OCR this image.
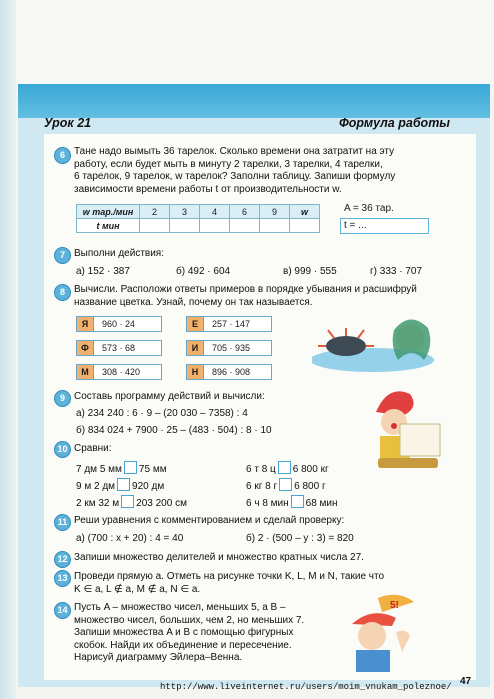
Урок 21	Формула работы
6 Тане надо вымыть 36 тарелок. Сколько времени она затратит на эту
работу, если будет мыть в минуту 2 тарелки, 3 тарелки, 4 тарелки,
6 тарелок, 9 тарелок, w тарелок? Заполни таблицу. Запиши формулу
зависимости времени работы t от производительности w.
w тар./мин	2	3	4	6	9	w
t мин						
A = 36 тар.
t = ...
7 Выполни действия:
а) 152 · 387	б) 492 · 604	в) 999 · 555	г) 333 · 707
8 Вычисли. Расположи ответы примеров в порядке убывания и расшифруй
название цветка. Узнай, почему он так называется.
Я 960 · 24	Е 257 · 147
Ф 573 · 68	И 705 · 935
М 308 · 420	Н 896 · 908
9 Составь программу действий и вычисли:
а) 234 240 : 6 · 9 – (20 030 – 7358) : 4
б) 834 024 + 7900 · 25 – (483 · 504) : 8 · 10
10 Сравни:
7 дм 5 мм 75 мм	6 т 8 ц 6 800 кг
9 м 2 дм 920 дм	6 кг 8 г 6 800 г
2 км 32 м 203 200 см	6 ч 8 мин 68 мин
11 Реши уравнения с комментированием и сделай проверку:
а) (700 : x + 20) : 4 = 40	б) 2 · (500 – y : 3) = 820
12 Запиши множество делителей и множество кратных числа 27.
13 Проведи прямую a. Отметь на рисунке точки K, L, M и N, такие что
K ∈ a, L ∉ a, M ∉ a, N ∈ a.
14 Пусть A – множество чисел, меньших 5, а B –
множество чисел, больших, чем 2, но меньших 7.
Запиши множества A и B с помощью фигурных
скобок. Найди их объединение и пересечение.
Нарисуй диаграмму Эйлера–Венна.
5!
http://www.liveinternet.ru/users/moim_vnukam_poleznoe/ 47
